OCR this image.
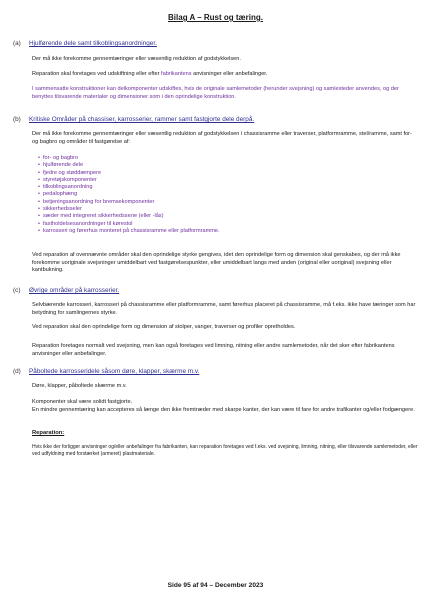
Bilag A – Rust og tæring.
(a) Hjulførende dele samt tilkoblingsanordninger.

Der må ikke forekomme gennemtæringer eller væsentlig reduktion af godstykkelsen.

Reparation skal foretages ved udskiftning eller efter fabrikantens anvisninger eller anbefalinger.

I sammensatte konstruktioner kan delkomponenter udskiftes, hvis de originale samlemetoder (herunder svejsning) og samlesteder anvendes, og der benyttes tilsvarende materialer og dimensioner som i den oprindelige konstruktion.

(b) Kritiske Områder på chassiser, karrosserier, rammer samt fastgjorte dele derpå.

Der må ikke forekomme gennemtæringer eller væsentlig reduktion af godstykkelsen i chassisramme eller traverser, platformramme, stel/ramme, samt for- og bagbro og områder til fastgørelse af:

• for- og bagbro
• hjulførende dele
• fjedre og støddæmpere
• styretøjskomponenter
• tilkoblingsanordning
• pedalophæng
• betjeningsanordning for bremsekomponenter
• sikkerhedsseler
• sæder med integreret sikkerhedsseле (eller -lås)
• fastholdelsesanordninger til kørestol
• karrosseri og førerhus monteret på chassisramme eller platformramme.

Ved reparation af ovennævnte områder skal den oprindelige styrke gengives, idet den oprindelige form og dimension skal genskabes, og der må ikke forekomme uoriginale svejsninger umiddelbart ved fastgørelsespunkter, eller umiddelbart langs med anden (original eller uoriginal) svejsning eller kantbukning.

(c) Øvrige områder på karrosserier.

Selvbærende karrosseri, karrosseri på chassisramme eller platformramme, samt førerhus placeret på chassisramme, må f.eks. ikke have tæringer som har betydning for samlingernes styrke.

Ved reparation skal den oprindelige form og dimension af stolper, vanger, traverser og profiler opretholdes.

Reparation foretages normalt ved svejsning, men kan også foretages ved limning, nitning eller andre samlemetoder, når det sker efter fabrikantens anvisninger eller anbefalinger.

(d) Påboltede karrosseridele såsom døre, klapper, skærme m.v.

Døre, klapper, påboltede skærme m.v.

Komponenter skal være solidt fastgjorte.

En mindre gennemtæring kan accepteres så længe den ikke fremtræder med skarpe kanter, der kan være til fare for andre trafikanter og/eller fodgængere.

Reparation:

Hvis ikke der forligger anvisninger og/eller anbefalinger fra fabrikanten, kan reparation foretages ved f.eks. ved svejsning, limning, nitning, eller tilsvarende samlemetoder, eller ved udfyldning med forstærket (armeret) plastmateriale.

Side 95 af 94 – December 2023
